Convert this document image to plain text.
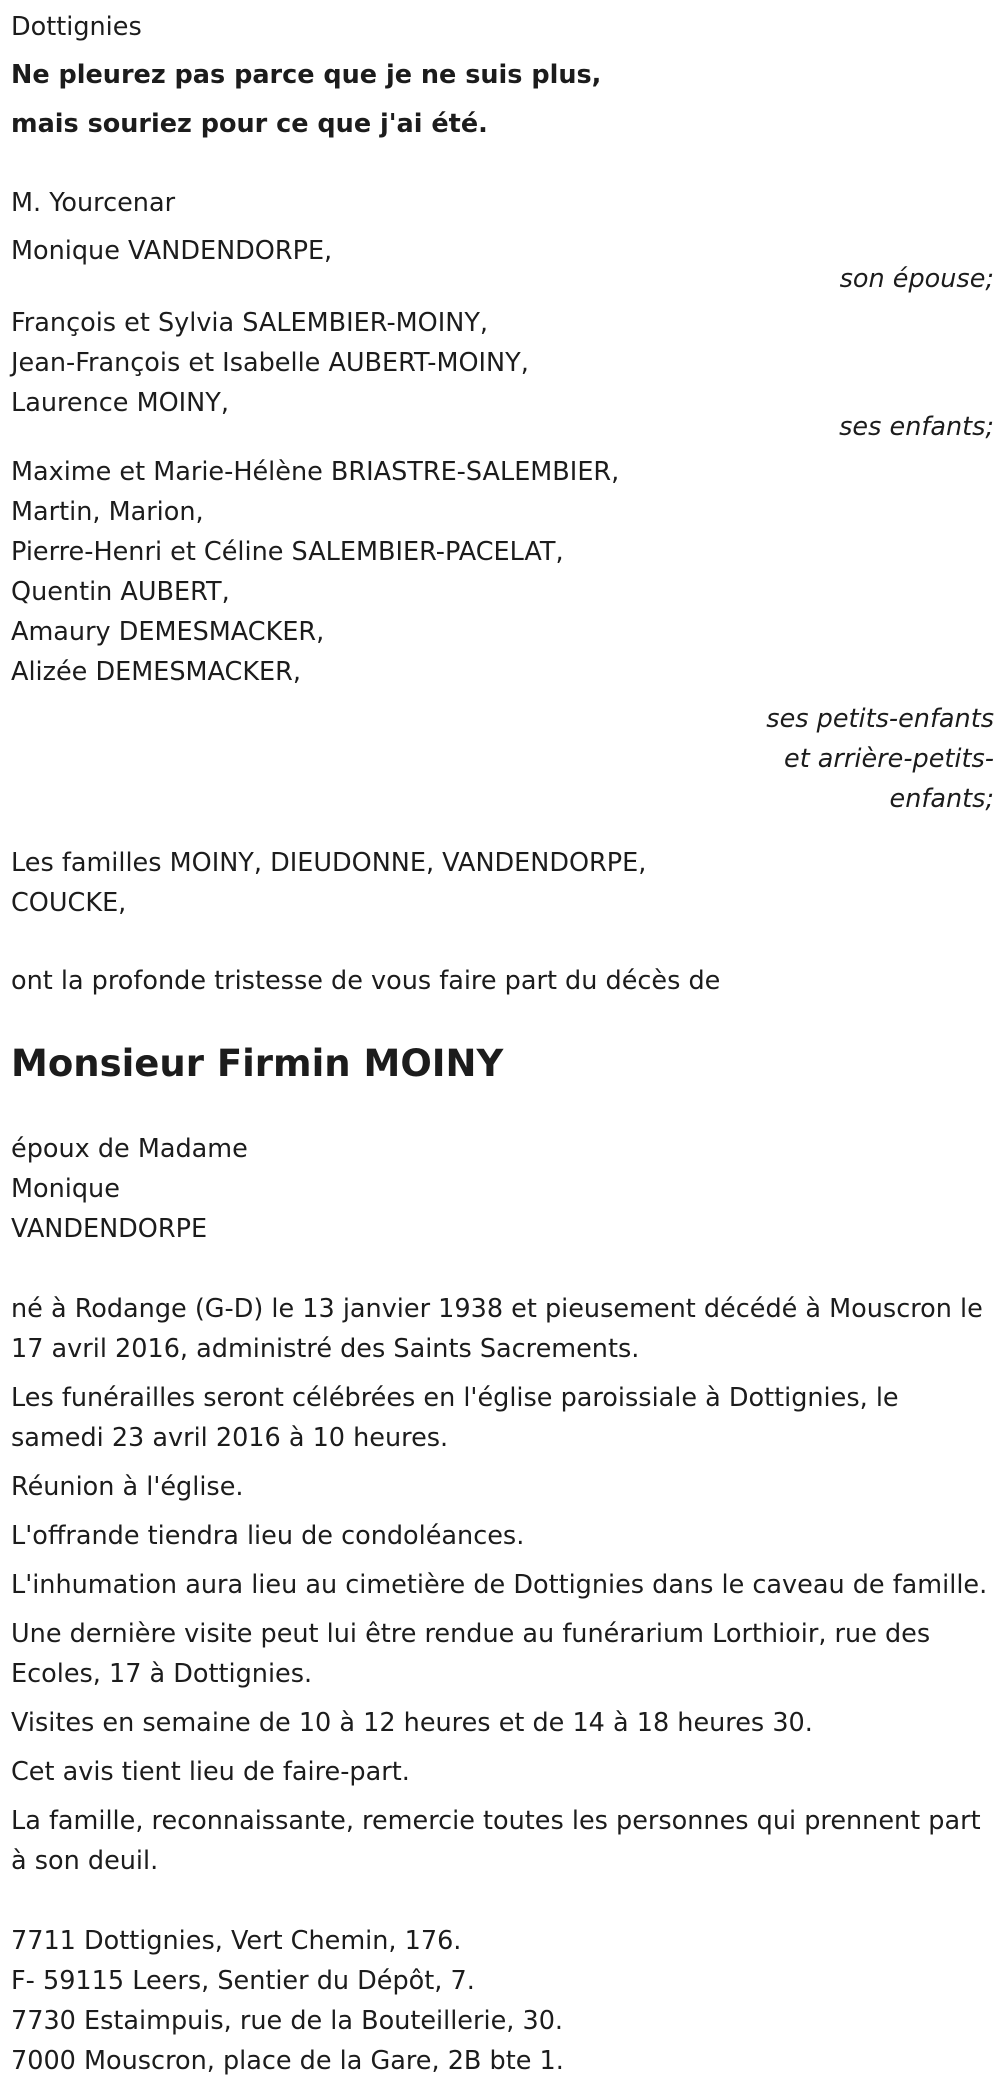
Dottignies

Ne pleurez pas parce que je ne suis plus,
mais souriez pour ce que j'ai été.

M. Yourcenar

Monique VANDENDORPE,
son épouse;
François et Sylvia SALEMBIER-MOINY,
Jean-François et Isabelle AUBERT-MOINY,
Laurence MOINY,
ses enfants;
Maxime et Marie-Hélène BRIASTRE-SALEMBIER,
Martin, Marion,
Pierre-Henri et Céline SALEMBIER-PACELAT,
Quentin AUBERT,
Amaury DEMESMACKER,
Alizée DEMESMACKER,
ses petits-enfants
et arrière-petits-
enfants;
Les familles MOINY, DIEUDONNE, VANDENDORPE,
COUCKE,

ont la profonde tristesse de vous faire part du décès de

Monsieur Firmin MOINY
époux de Madame
Monique
VANDENDORPE

né à Rodange (G-D) le 13 janvier 1938 et pieusement décédé à Mouscron le 17 avril 2016, administré des Saints Sacrements.

Les funérailles seront célébrées en l'église paroissiale à Dottignies, le samedi 23 avril 2016 à 10 heures.

Réunion à l'église.

L'offrande tiendra lieu de condoléances.

L'inhumation aura lieu au cimetière de Dottignies dans le caveau de famille.

Une dernière visite peut lui être rendue au funérarium Lorthioir, rue des Ecoles, 17 à Dottignies.

Visites en semaine de 10 à 12 heures et de 14 à 18 heures 30.

Cet avis tient lieu de faire-part.

La famille, reconnaissante, remercie toutes les personnes qui prennent part à son deuil.

7711 Dottignies, Vert Chemin, 176.
F- 59115 Leers, Sentier du Dépôt, 7.
7730 Estaimpuis, rue de la Bouteillerie, 30.
7000 Mouscron, place de la Gare, 2B bte 1.
